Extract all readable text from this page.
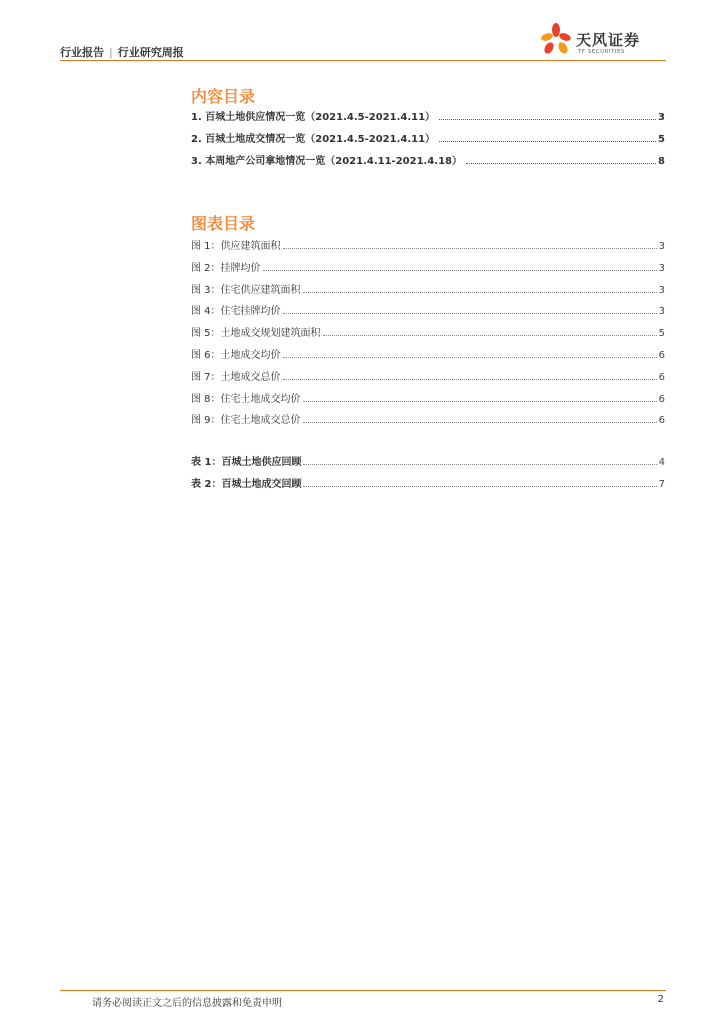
行业报告 | 行业研究周报
天风证券
TF SECURITIES
内容目录
1. 百城土地供应情况一览（2021.4.5-2021.4.11）	3
2. 百城土地成交情况一览（2021.4.5-2021.4.11）	5
3. 本周地产公司拿地情况一览（2021.4.11-2021.4.18）	8
图表目录
图 1：供应建筑面积	3
图 2：挂牌均价	3
图 3：住宅供应建筑面积	3
图 4：住宅挂牌均价	3
图 5：土地成交规划建筑面积	5
图 6：土地成交均价	6
图 7：土地成交总价	6
图 8：住宅土地成交均价	6
图 9：住宅土地成交总价	6
表 1：百城土地供应回顾	4
表 2：百城土地成交回顾	7
请务必阅读正文之后的信息披露和免责申明	2
